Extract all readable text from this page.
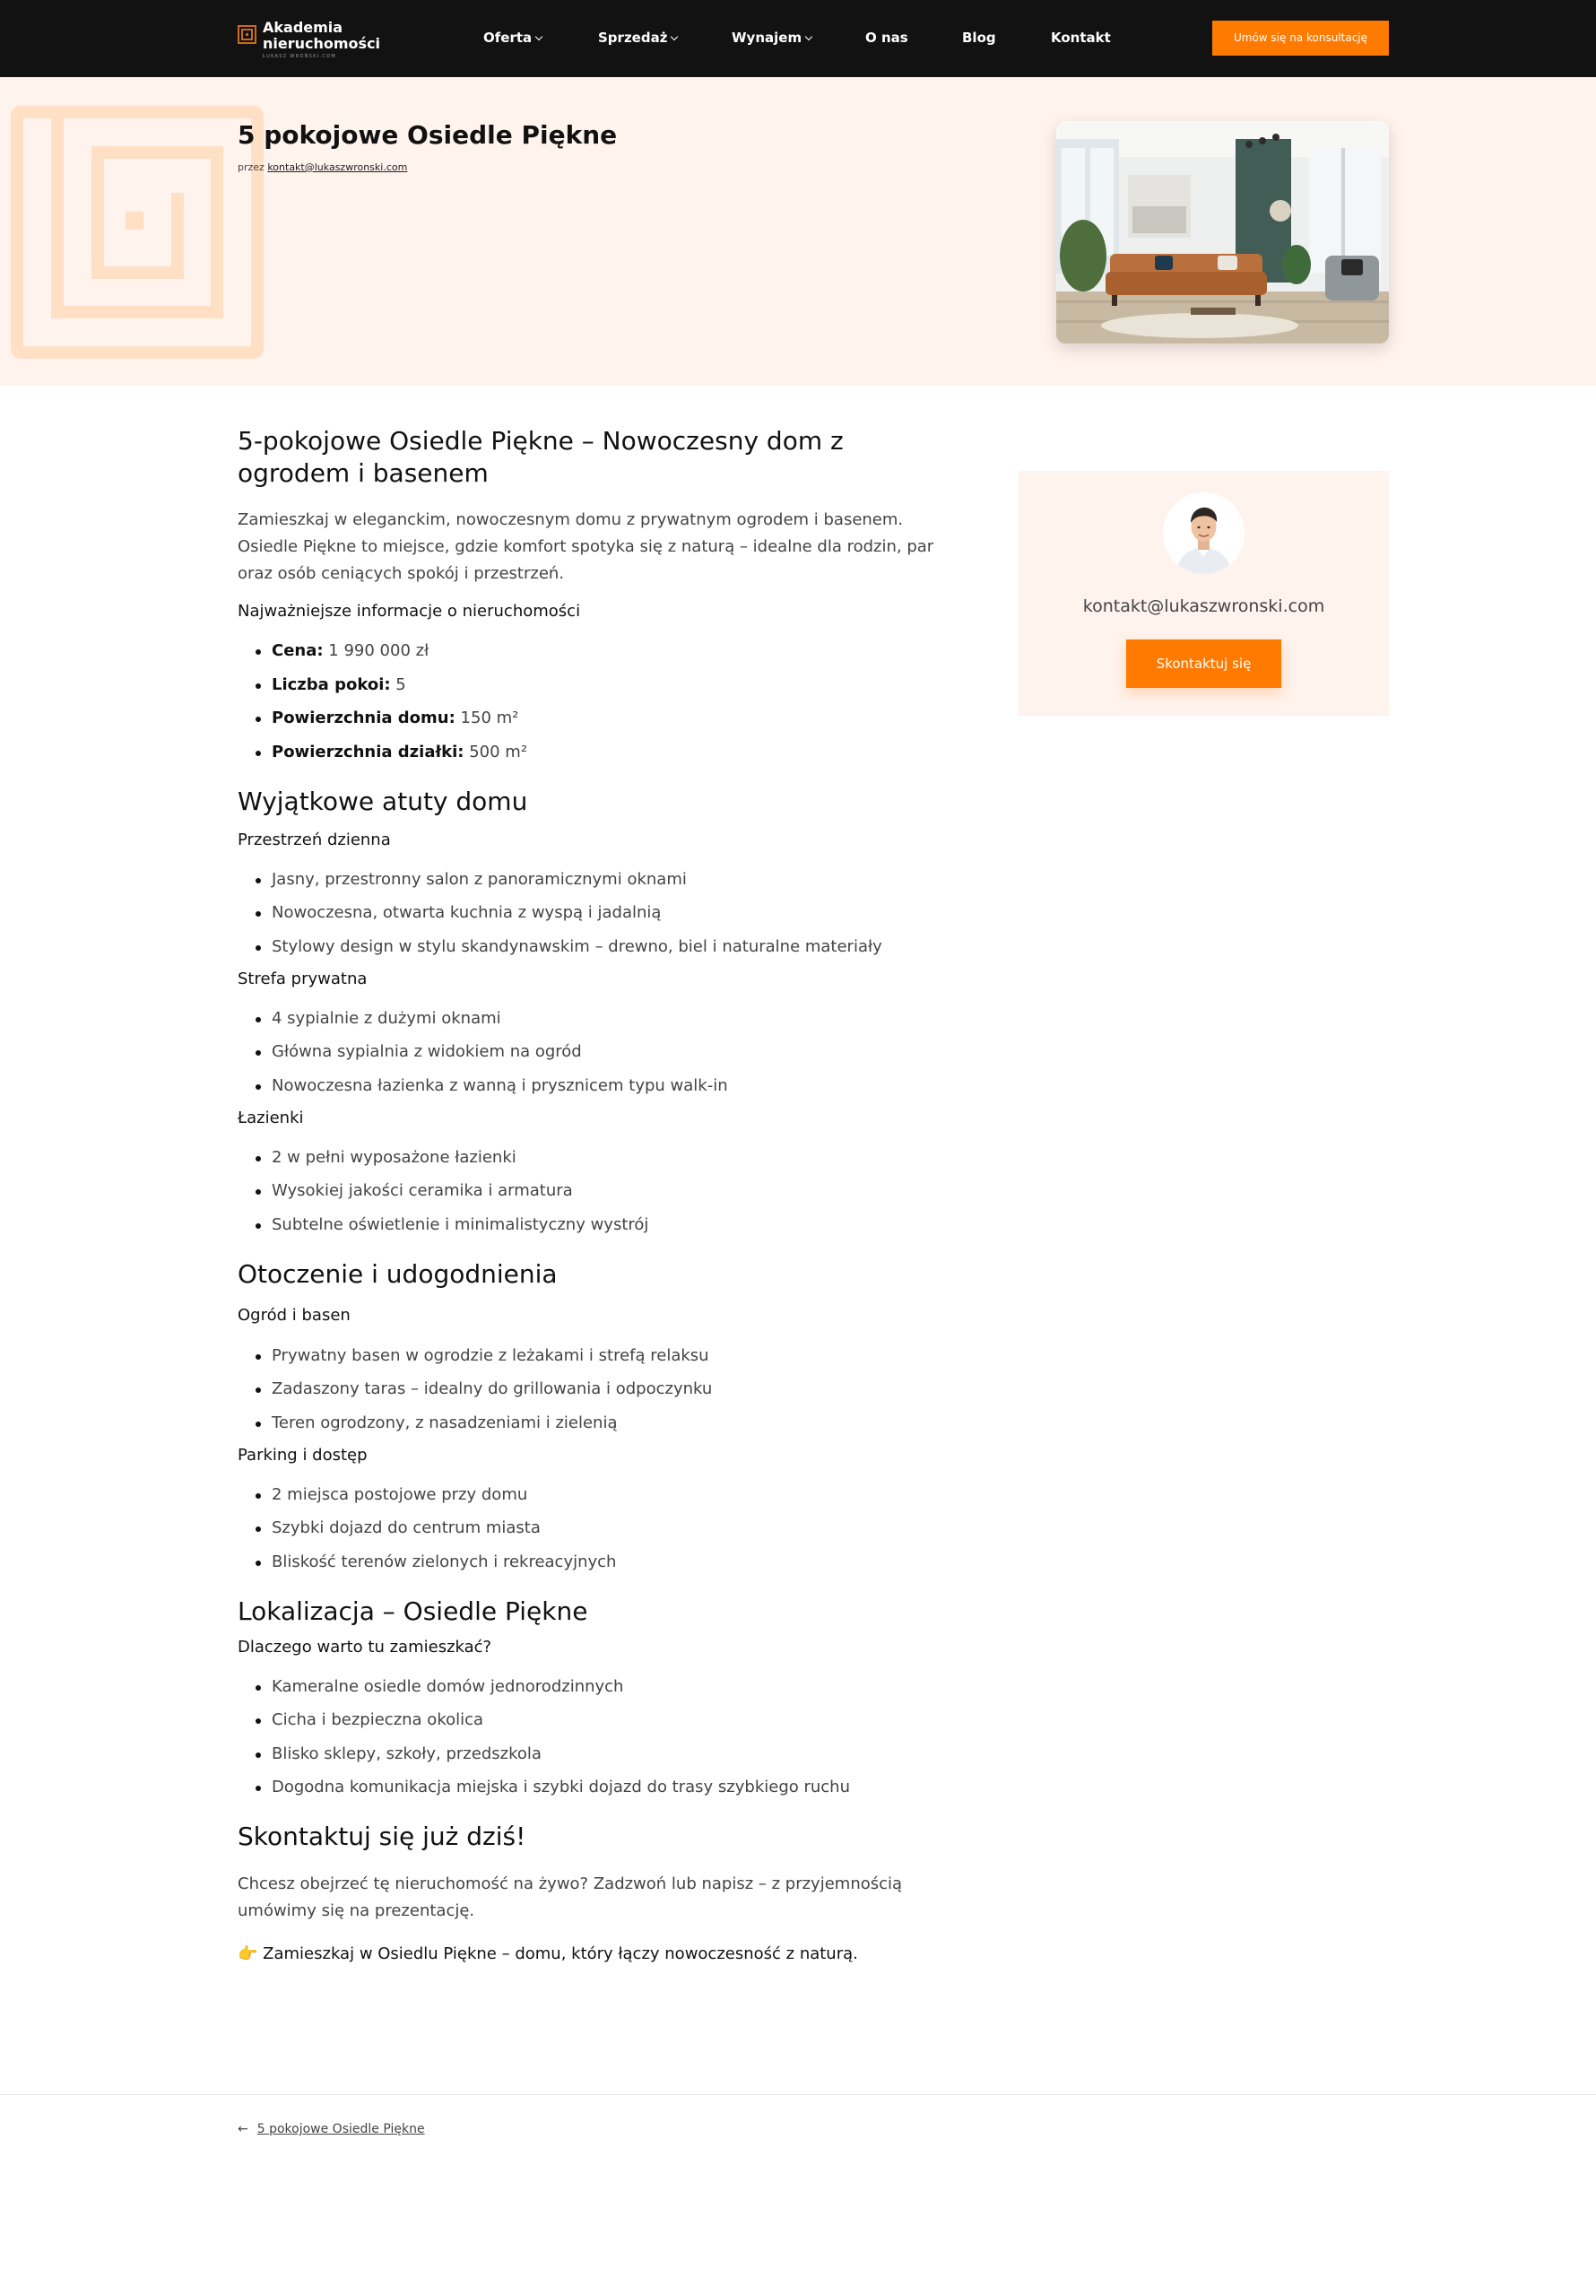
Akademia
nieruchomości
ŁUKASZ WROŃSKI.COM
Oferta	Sprzedaż	Wynajem	O nas	Blog	Kontakt	Umów się na konsultację
5 pokojowe Osiedle Piękne
przez kontakt@lukaszwronski.com
5-pokojowe Osiedle Piękne – Nowoczesny dom z ogrodem i basenem

Zamieszkaj w eleganckim, nowoczesnym domu z prywatnym ogrodem i basenem. Osiedle Piękne to miejsce, gdzie komfort spotyka się z naturą – idealne dla rodzin, par oraz osób ceniących spokój i przestrzeń.

Najważniejsze informacje o nieruchomości
Cena: 1 990 000 zł
Liczba pokoi: 5
Powierzchnia domu: 150 m²
Powierzchnia działki: 500 m²
Wyjątkowe atuty domu
Przestrzeń dzienna
Jasny, przestronny salon z panoramicznymi oknami
Nowoczesna, otwarta kuchnia z wyspą i jadalnią
Stylowy design w stylu skandynawskim – drewno, biel i naturalne materiały
Strefa prywatna
4 sypialnie z dużymi oknami
Główna sypialnia z widokiem na ogród
Nowoczesna łazienka z wanną i prysznicem typu walk-in
Łazienki
2 w pełni wyposażone łazienki
Wysokiej jakości ceramika i armatura
Subtelne oświetlenie i minimalistyczny wystrój
Otoczenie i udogodnienia
Ogród i basen
Prywatny basen w ogrodzie z leżakami i strefą relaksu
Zadaszony taras – idealny do grillowania i odpoczynku
Teren ogrodzony, z nasadzeniami i zielenią
Parking i dostęp
2 miejsca postojowe przy domu
Szybki dojazd do centrum miasta
Bliskość terenów zielonych i rekreacyjnych
Lokalizacja – Osiedle Piękne
Dlaczego warto tu zamieszkać?
Kameralne osiedle domów jednorodzinnych
Cicha i bezpieczna okolica
Blisko sklepy, szkoły, przedszkola
Dogodna komunikacja miejska i szybki dojazd do trasy szybkiego ruchu
Skontaktuj się już dziś!

Chcesz obejrzeć tę nieruchomość na żywo? Zadzwoń lub napisz – z przyjemnością umówimy się na prezentację.

👉 Zamieszkaj w Osiedlu Piękne – domu, który łączy nowoczesność z naturą.

kontakt@lukaszwronski.com
Skontaktuj się
← 5 pokojowe Osiedle Piękne
